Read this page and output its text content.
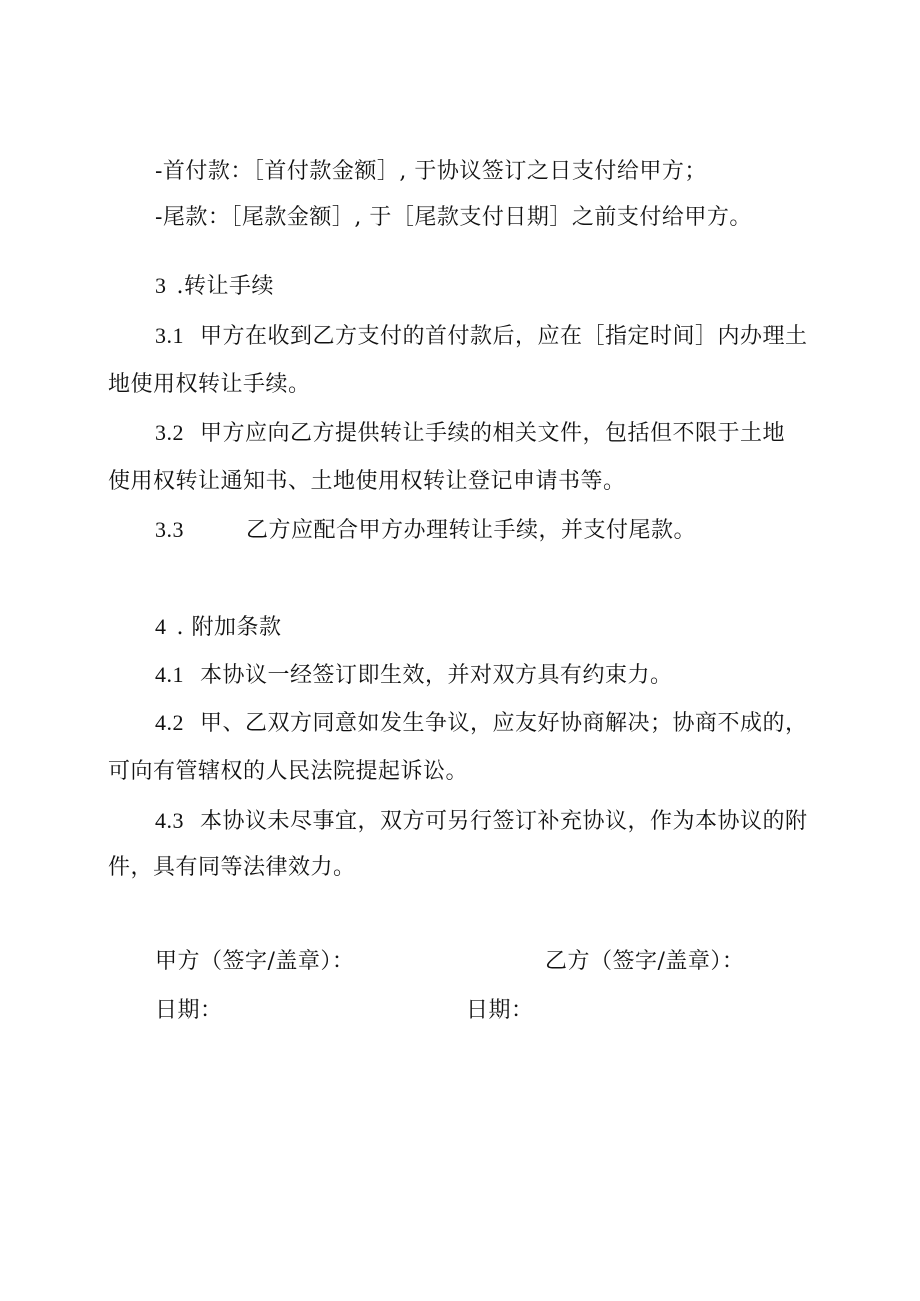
-首付款：［首付款金额］, 于协议签订之日支付给甲方；
-尾款：［尾款金额］, 于［尾款支付日期］之前支付给甲方。
3 .转让手续
3.1 甲方在收到乙方支付的首付款后，应在［指定时间］内办理土
地使用权转让手续。
3.2 甲方应向乙方提供转让手续的相关文件，包括但不限于土地
使用权转让通知书、土地使用权转让登记申请书等。
3.3	乙方应配合甲方办理转让手续，并支付尾款。
4 . 附加条款
4.1 本协议一经签订即生效，并对双方具有约束力。
4.2 甲、乙双方同意如发生争议，应友好协商解决；协商不成的，
可向有管辖权的人民法院提起诉讼。
4.3 本协议未尽事宜，双方可另行签订补充协议，作为本协议的附
件，具有同等法律效力。
甲方（签字/盖章）：	乙方（签字/盖章）：
日期：	日期：
